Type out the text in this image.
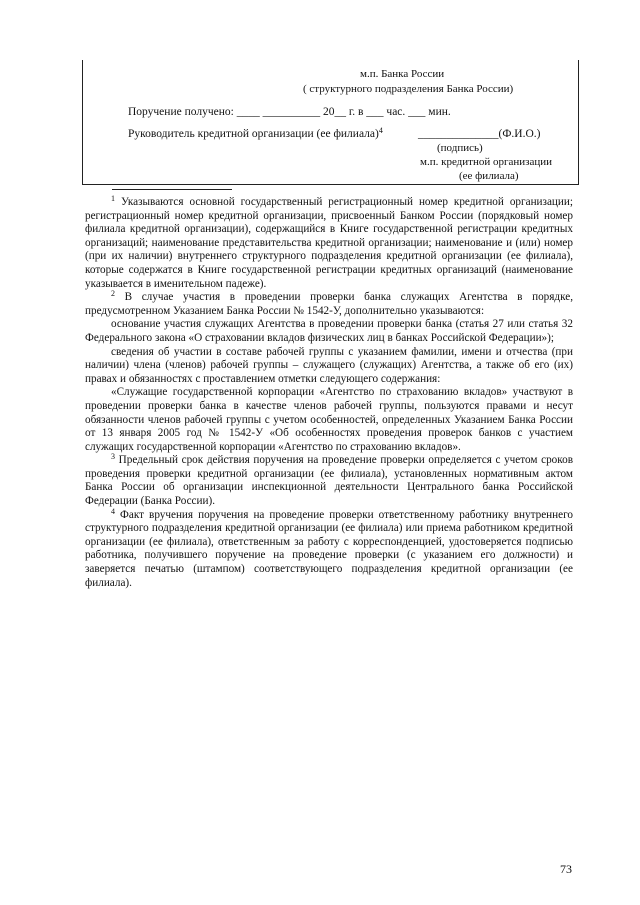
м.п. Банка России
( структурного подразделения Банка России)
Поручение получено: ____ __________ 20__ г. в ___ час. ___ мин.
Руководитель кредитной организации (ее филиала)$^4$	______________(Ф.И.О.)
(подпись)
м.п. кредитной организации
(ее филиала)

$^1$ Указываются основной государственный регистрационный номер кредитной организации; регистрационный номер кредитной организации, присвоенный Банком России (порядковый номер филиала кредитной организации), содержащийся в Книге государственной регистрации кредитных организаций; наименование представительства кредитной организации; наименование и (или) номер (при их наличии) внутреннего структурного подразделения кредитной организации (ее филиала), которые содержатся в Книге государственной регистрации кредитных организаций (наименование указывается в именительном падеже).

$^2$ В случае участия в проведении проверки банка служащих Агентства в порядке, предусмотренном Указанием Банка России № 1542-У, дополнительно указываются:

основание участия служащих Агентства в проведении проверки банка (статья 27 или статья 32 Федерального закона «О страховании вкладов физических лиц в банках Российской Федерации»);

сведения об участии в составе рабочей группы с указанием фамилии, имени и отчества (при наличии) члена (членов) рабочей группы – служащего (служащих) Агентства, а также об его (их) правах и обязанностях с проставлением отметки следующего содержания:

«Служащие государственной корпорации «Агентство по страхованию вкладов» участвуют в проведении проверки банка в качестве членов рабочей группы, пользуются правами и несут обязанности членов рабочей группы с учетом особенностей, определенных Указанием Банка России от 13 января 2005 год № 1542-У «Об особенностях проведения проверок банков с участием служащих государственной корпорации «Агентство по страхованию вкладов».

$^3$ Предельный срок действия поручения на проведение проверки определяется с учетом сроков проведения проверки кредитной организации (ее филиала), установленных нормативным актом Банка России об организации инспекционной деятельности Центрального банка Российской Федерации (Банка России).

$^4$ Факт вручения поручения на проведение проверки ответственному работнику внутреннего структурного подразделения кредитной организации (ее филиала) или приема работником кредитной организации (ее филиала), ответственным за работу с корреспонденцией, удостоверяется подписью работника, получившего поручение на проведение проверки (с указанием его должности) и заверяется печатью (штампом) соответствующего подразделения кредитной организации (ее филиала).

73
